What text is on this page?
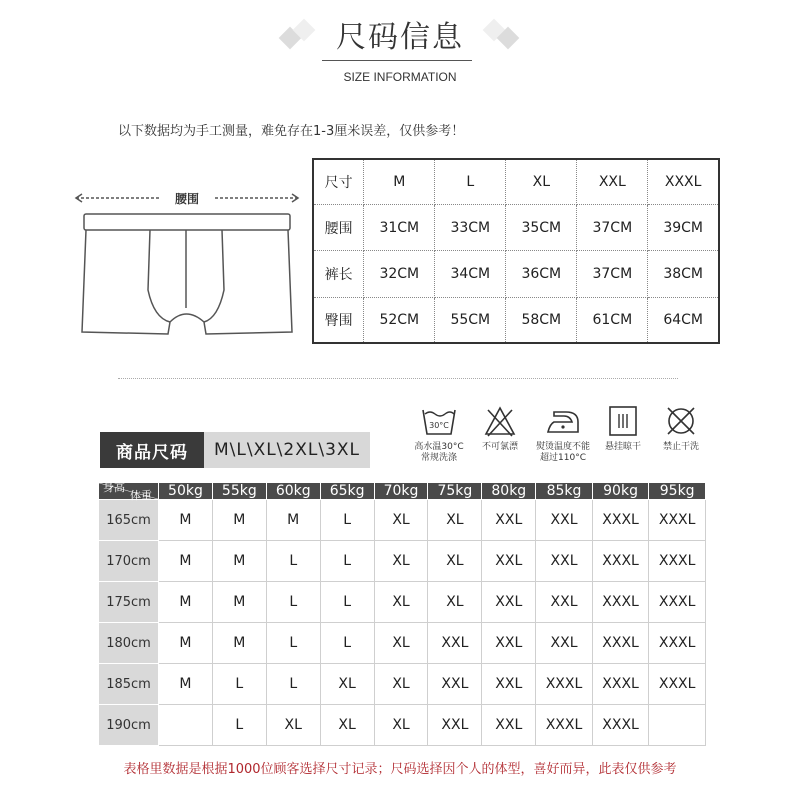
尺码信息
SIZE INFORMATION
以下数据均为手工测量，难免存在1-3厘米误差，仅供参考！
腰围
尺寸	M	L	XL	XXL	XXXL
腰围	31CM	33CM	35CM	37CM	39CM
裤长	32CM	34CM	36CM	37CM	38CM
臀围	52CM	55CM	58CM	61CM	64CM
商品尺码	M\L\XL\2XL\3XL
30°C
高水温30°C
常规洗涤
不可氯漂	熨烫温度不能
超过110°C
悬挂晾干	禁止干洗
体重
身高	50kg	55kg	60kg	65kg	70kg	75kg	80kg	85kg	90kg	95kg
165cm	M	M	M	L	XL	XL	XXL	XXL	XXXL	XXXL
170cm	M	M	L	L	XL	XL	XXL	XXL	XXXL	XXXL
175cm	M	M	L	L	XL	XL	XXL	XXL	XXXL	XXXL
180cm	M	M	L	L	XL	XXL	XXL	XXL	XXXL	XXXL
185cm	M	L	L	XL	XL	XXL	XXL	XXXL	XXXL	XXXL
190cm		L	XL	XL	XL	XXL	XXL	XXXL	XXXL	
表格里数据是根据1000位顾客选择尺寸记录；尺码选择因个人的体型，喜好而异，此表仅供参考
